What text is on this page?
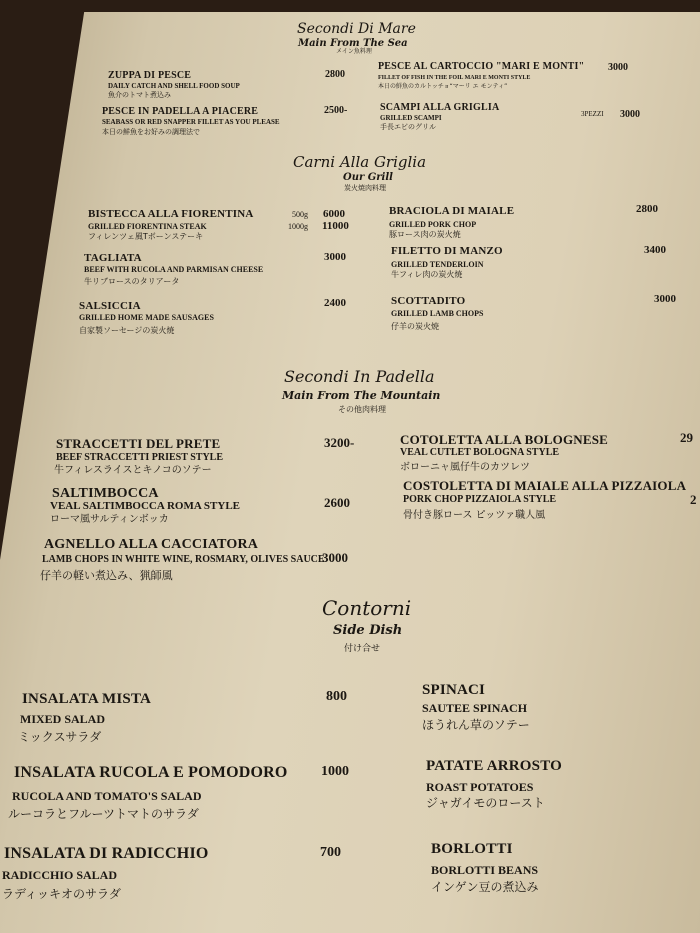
Secondi Di Mare
Main From The Sea
メイン魚料理
ZUPPA DI PESCE
DAILY CATCH AND SHELL FOOD SOUP
魚介のトマト煮込み
2800
PESCE AL CARTOCCIO "MARI E MONTI"
FILLET OF FISH IN THE FOIL MARI E MONTI STYLE
本日の鮮魚のカルトッチョ“マーリ エ モンティ”
3000
PESCE IN PADELLA A PIACERE
SEABASS OR RED SNAPPER FILLET AS YOU PLEASE
本日の鮮魚をお好みの調理法で
2500-	SCAMPI ALLA GRIGLIA
GRILLED SCAMPI
手長エビのグリル
3PEZZI 3000
Carni Alla Griglia
Our Grill
炭火焼肉料理
BISTECCA ALLA FIORENTINA
GRILLED FIORENTINA STEAK
フィレンツェ風Tボーンステーキ
500g 6000
1000g 11000
BRACIOLA DI MAIALE
GRILLED PORK CHOP
豚ロース肉の炭火焼
2800
TAGLIATA
BEEF WITH RUCOLA AND PARMISAN CHEESE
牛リブロースのタリアータ
3000	FILETTO DI MANZO
GRILLED TENDERLOIN
牛フィレ肉の炭火焼
3400
SALSICCIA
GRILLED HOME MADE SAUSAGES
自家製ソーセージの炭火焼
2400	SCOTTADITO
GRILLED LAMB CHOPS
仔羊の炭火焼
3000
Secondi In Padella
Main From The Mountain
その他肉料理
STRACCETTI DEL PRETE
BEEF STRACCETTI PRIEST STYLE
牛フィレスライスとキノコのソテー
3200-	COTOLETTA ALLA BOLOGNESE
VEAL CUTLET BOLOGNA STYLE
ボローニャ風仔牛のカツレツ
29
SALTIMBOCCA
VEAL SALTIMBOCCA ROMA STYLE
ローマ風サルティンボッカ
2600
COSTOLETTA DI MAIALE ALLA PIZZAIOLA
PORK CHOP PIZZAIOLA STYLE
骨付き豚ロース ピッツァ職人風
2
AGNELLO ALLA CACCIATORA
LAMB CHOPS IN WHITE WINE, ROSMARY, OLIVES SAUCE
仔羊の軽い煮込み、猟師風
3000
Contorni
Side Dish
付け合せ
INSALATA MISTA
MIXED SALAD
ミックスサラダ
800	SPINACI
SAUTEE SPINACH
ほうれん草のソテー
INSALATA RUCOLA E POMODORO
RUCOLA AND TOMATO'S SALAD
ルーコラとフルーツトマトのサラダ
1000	PATATE ARROSTO
ROAST POTATOES
ジャガイモのロースト
INSALATA DI RADICCHIO
RADICCHIO SALAD
ラディッキオのサラダ
700	BORLOTTI
BORLOTTI BEANS
インゲン豆の煮込み
